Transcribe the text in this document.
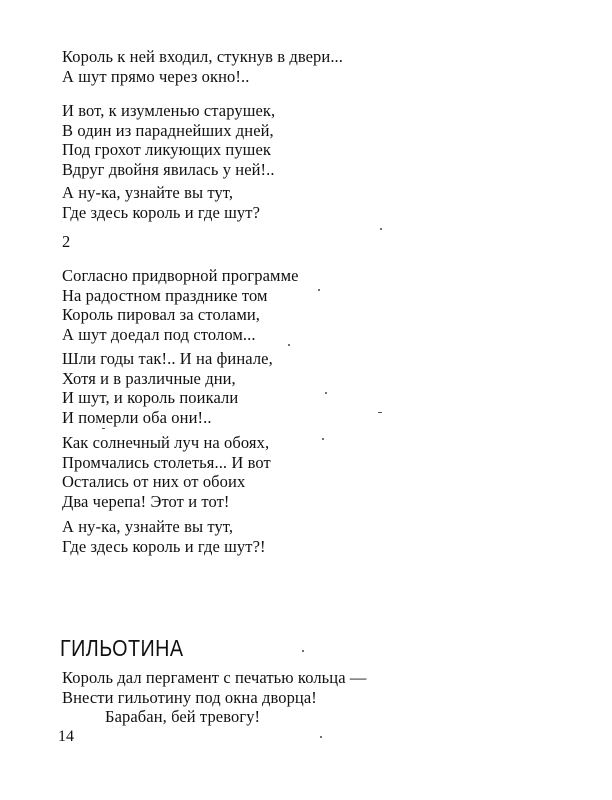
Король к ней входил, стукнув в двери...
А шут прямо через окно!..
И вот, к изумленью старушек,
В один из параднейших дней,
Под грохот ликующих пушек
Вдруг двойня явилась у ней!..
А ну-ка, узнайте вы тут,
Где здесь король и где шут?
2
Согласно придворной программе
На радостном празднике том
Король пировал за столами,
А шут доедал под столом...
Шли годы так!.. И на финале,
Хотя и в различные дни,
И шут, и король поикали
И померли оба они!..
Как солнечный луч на обоях,
Промчались столетья... И вот
Остались от них от обоих
Два черепа! Этот и тот!
А ну-ка, узнайте вы тут,
Где здесь король и где шут?!
ГИЛЬОТИНА
Король дал пергамент с печатью кольца —
Внести гильотину под окна дворца!
Барабан, бей тревогу!
14
